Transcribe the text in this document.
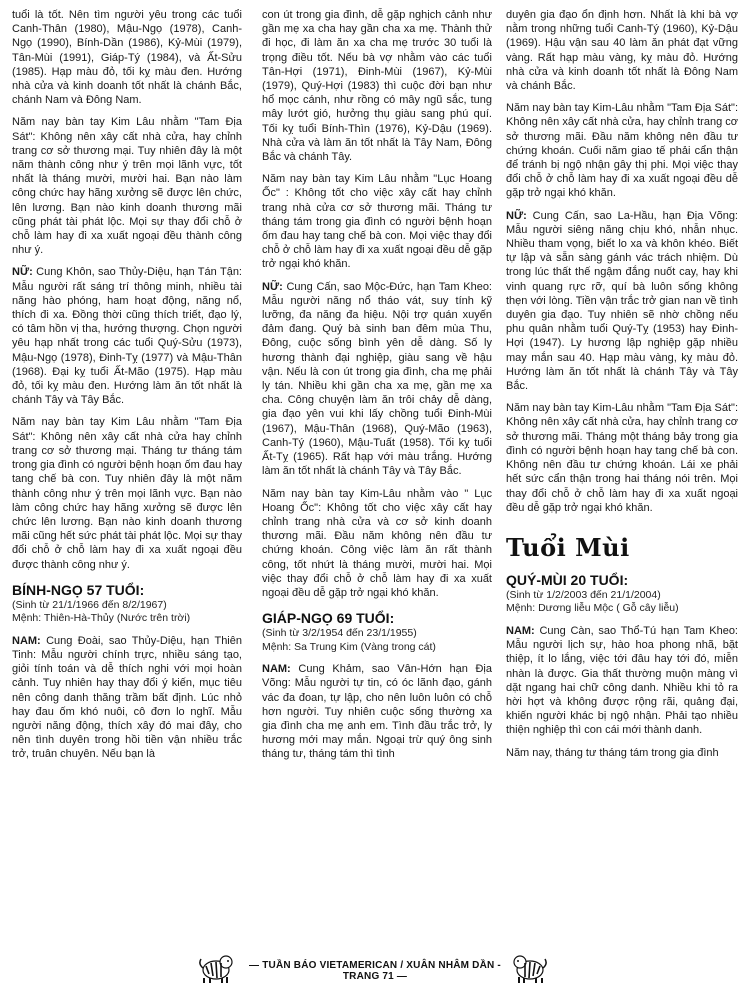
tuổi là tốt. Nên tìm người yêu trong các tuổi Canh-Thân (1980), Mậu-Ngọ (1978), Canh-Ngọ (1990), Bính-Dần (1986), Kỷ-Mùi (1979), Tân-Mùi (1991), Giáp-Tý (1984), và Ất-Sửu (1985). Hạp màu đỏ, tối kỵ màu đen. Hướng nhà cửa và kinh doanh tốt nhất là chánh Bắc, chánh Nam và Đông Nam.

Năm nay bàn tay Kim Lâu nhằm "Tam Địa Sát": Không nên xây cất nhà cửa, hay chỉnh trang cơ sở thương mại. Tuy nhiên đây là một năm thành công như ý trên mọi lãnh vực, tốt nhất là tháng mười, mười hai. Bạn nào làm công chức hay hãng xưởng sẽ được lên chức, lên lương. Bạn nào kinh doanh thương mãi cũng phát tài phát lộc. Mọi sự thay đổi chỗ ở chỗ làm hay đi xa xuất ngoại đều thành công như ý.

NỮ: Cung Khôn, sao Thủy-Diệu, hạn Tán Tận: Mẫu người rất sáng trí thông minh, nhiều tài năng hào phóng, ham hoạt động, năng nổ, thích đi xa. Đồng thời cũng thích triết, đạo lý, có tâm hồn vị tha, hướng thượng. Chọn người yêu hạp nhất trong các tuổi Quý-Sửu (1973), Mậu-Ngọ (1978), Đinh-Tỵ (1977) và Mậu-Thân (1968). Đại kỵ tuổi Ất-Mão (1975). Hạp màu đỏ, tối kỵ màu đen. Hướng làm ăn tốt nhất là chánh Tây và Tây Bắc.

Năm nay bàn tay Kim Lâu nhằm "Tam Địa Sát": Không nên xây cất nhà cửa hay chỉnh trang cơ sở thương mại. Tháng tư tháng tám trong gia đình có người bệnh hoạn ốm đau hay tang chế bà con. Tuy nhiên đây là một năm thành công như ý trên mọi lãnh vực. Bạn nào làm công chức hay hãng xưởng sẽ được lên chức lên lương. Bạn nào kinh doanh thương mãi cũng hết sức phát tài phát lộc. Mọi sự thay đổi chỗ ở chỗ làm hay đi xa xuất ngoại đều được thành công như ý.

BÍNH-NGỌ 57 TUỔI:

(Sinh từ 21/1/1966 đến 8/2/1967)

Mệnh: Thiên-Hà-Thủy (Nước trên trời)

NAM: Cung Đoài, sao Thủy-Diệu, hạn Thiên Tinh: Mẫu người chính trực, nhiều sáng tạo, giỏi tính toán và dễ thích nghi với mọi hoàn cảnh. Tuy nhiên hay thay đổi ý kiến, mục tiêu nên công danh thăng trầm bất định. Lúc nhỏ hay đau ốm khó nuôi, cô đơn lo nghĩ. Mẫu người năng động, thích xây đó mai đây, cho nên tình duyên trong hồi tiền vận nhiều trắc trở, truân chuyên. Nếu bạn là

con út trong gia đình, dễ gặp nghịch cảnh như gần mẹ xa cha hay gần cha xa mẹ. Thành thử đi học, đi làm ăn xa cha mẹ trước 30 tuổi là trọng điều tốt. Nếu bà vợ nhằm vào các tuổi Tân-Hợi (1971), Đinh-Mùi (1967), Kỷ-Mùi (1979), Quý-Hợi (1983) thì cuộc đời bạn như hổ mọc cánh, như rồng có mây ngũ sắc, tung mây lướt gió, hưởng thụ giàu sang phú quí. Tối kỵ tuổi Bính-Thìn (1976), Kỷ-Dậu (1969). Nhà cửa và làm ăn tốt nhất là Tây Nam, Đông Bắc và chánh Tây.

Năm nay bàn tay Kim Lâu nhằm "Lục Hoang Ốc" : Không tốt cho việc xây cất hay chỉnh trang nhà cửa cơ sở thương mãi. Tháng tư tháng tám trong gia đình có người bệnh hoạn ốm đau hay tang chế bà con. Mọi việc thay đổi chỗ ở chỗ làm hay đi xa xuất ngoại đều dễ gặp trở ngại khó khăn.

NỮ: Cung Cấn, sao Mộc-Đức, hạn Tam Kheo: Mẫu người năng nổ tháo vát, suy tính kỹ lưỡng, đa năng đa hiệu. Nội trợ quán xuyến đảm đang. Quý bà sinh ban đêm mùa Thu, Đông, cuộc sống bình yên dễ dàng. Số ly hương thành đại nghiệp, giàu sang về hậu vận. Nếu là con út trong gia đình, cha mẹ phải ly tán. Nhiều khi gần cha xa mẹ, gần mẹ xa cha. Công chuyện làm ăn trôi chảy dễ dàng, gia đạo yên vui khi lấy chồng tuổi Đinh-Mùi (1967), Mậu-Thân (1968), Quý-Mão (1963), Canh-Tý (1960), Mậu-Tuất (1958). Tối kỵ tuổi Ất-Tỵ (1965). Rất hạp với màu trắng. Hướng làm ăn tốt nhất là chánh Tây và Tây Bắc.

Năm nay bàn tay Kim-Lâu nhằm vào " Lục Hoang Ốc": Không tốt cho việc xây cất hay chỉnh trang nhà cửa và cơ sở kinh doanh thương mãi. Đầu năm không nên đầu tư chứng khoán. Công việc làm ăn rất thành công, tốt nhứt là tháng mười, mười hai. Mọi việc thay đổi chỗ ở chỗ làm hay đi xa xuất ngoại đều dễ gặp trở ngại khó khăn.

GIÁP-NGỌ 69 TUỔI:

(Sinh từ 3/2/1954 đến 23/1/1955)

Mệnh: Sa Trung Kim (Vàng trong cát)

NAM: Cung Khảm, sao Vân-Hớn hạn Địa Võng: Mẫu người tự tin, có óc lãnh đạo, gánh vác đa đoan, tự lập, cho nên luôn luôn có chỗ hơn người. Tuy nhiên cuộc sống thường xa gia đình cha mẹ anh em. Tình đầu trắc trở, ly hương mới may mắn. Ngoại trừ quý ông sinh tháng tư, tháng tám thì tình

duyên gia đạo ổn định hơn. Nhất là khi bà vợ nằm trong những tuổi Canh-Tý (1960), Kỷ-Dậu (1969). Hậu vận sau 40 làm ăn phát đạt vững vàng. Rất hạp màu vàng, kỵ màu đỏ. Hướng nhà cửa và kinh doanh tốt nhất là Đông Nam và chánh Bắc.

Năm nay bàn tay Kim-Lâu nhằm "Tam Địa Sát": Không nên xây cất nhà cửa, hay chỉnh trang cơ sở thương mãi. Đầu năm không nên đầu tư chứng khoán. Cuối năm giao tế phải cẩn thận để tránh bị ngộ nhận gây thị phi. Mọi việc thay đổi chỗ ở chỗ làm hay đi xa xuất ngoại đều dễ gặp trở ngại khó khăn.

NỮ: Cung Cấn, sao La-Hầu, hạn Địa Võng: Mẫu người siêng năng chịu khó, nhẫn nhục. Nhiều tham vọng, biết lo xa và khôn khéo. Biết tự lập và sẵn sàng gánh vác trách nhiệm. Dù trong lúc thất thế ngậm đắng nuốt cay, hay khi vinh quang rực rỡ, quí bà luôn sống không thẹn với lòng. Tiền vận trắc trở gian nan về tình duyên gia đạo. Tuy nhiên sẽ nhờ chồng nếu phu quân nhằm tuổi Quý-Tỵ (1953) hay Đinh-Hợi (1947). Ly hương lập nghiệp gặp nhiều may mắn sau 40. Hạp màu vàng, kỵ màu đỏ. Hướng làm ăn tốt nhất là chánh Tây và Tây Bắc.

Năm nay bàn tay Kim-Lâu nhằm "Tam Địa Sát": Không nên xây cất nhà cửa, hay chỉnh trang cơ sở thương mãi. Tháng một tháng bảy trong gia đình có người bệnh hoạn hay tang chế bà con. Không nên đầu tư chứng khoán. Lái xe phải hết sức cẩn thận trong hai tháng nói trên. Mọi thay đổi chỗ ở chỗ làm hay đi xa xuất ngoại đều dễ gặp trở ngại khó khăn.

Tuổi Mùi
QUÝ-MÙI 20 TUỔI:

(Sinh từ 1/2/2003 đến 21/1/2004)

Mệnh: Dương liễu Mộc ( Gỗ cây liễu)

NAM: Cung Càn, sao Thổ-Tú hạn Tam Kheo: Mẫu người lịch sự, hào hoa phong nhã, bặt thiệp, ít lo lắng, việc tới đâu hay tới đó, miễn nhàn là được. Gia thất thường muộn màng vì dặt ngang hai chữ công danh. Nhiều khi tỏ ra hời hợt và không được rộng rãi, quảng đại, khiến người khác bị ngộ nhận. Phải tạo nhiều thiện nghiệp thì con cái mới thành danh.

Năm nay, tháng tư tháng tám trong gia đình

— TUẦN BÁO VIETAMERICAN / XUÂN NHÂM DẦN - TRANG 71 —
